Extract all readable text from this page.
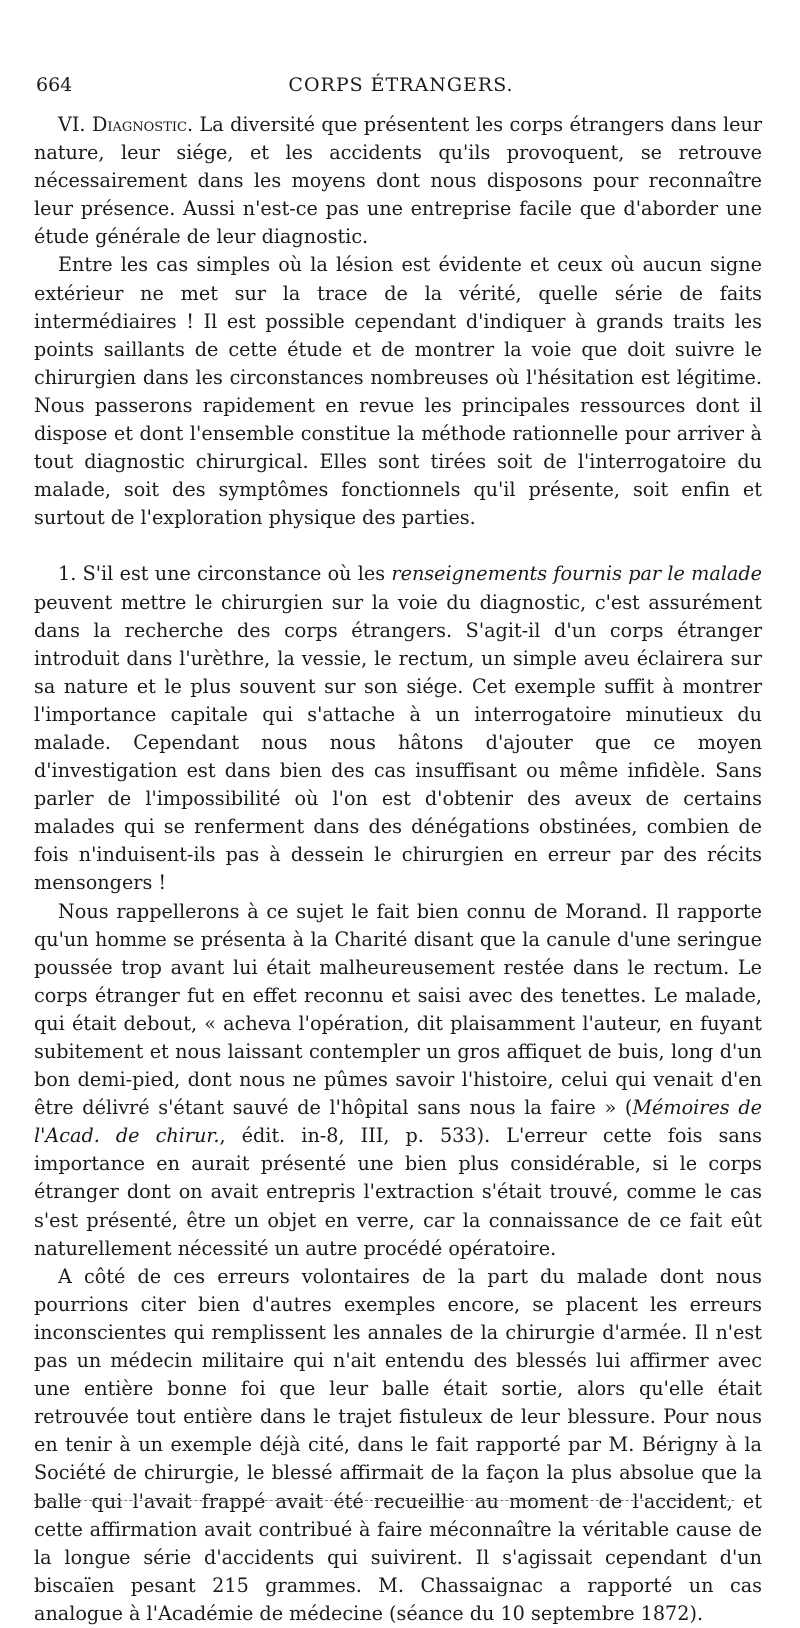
664	CORPS ÉTRANGERS.

VI. Diagnostic. La diversité que présentent les corps étrangers dans leur nature, leur siége, et les accidents qu'ils provoquent, se retrouve nécessairement dans les moyens dont nous disposons pour reconnaître leur présence. Aussi n'est-ce pas une entreprise facile que d'aborder une étude générale de leur diagnostic.

Entre les cas simples où la lésion est évidente et ceux où aucun signe extérieur ne met sur la trace de la vérité, quelle série de faits intermédiaires ! Il est possible cependant d'indiquer à grands traits les points saillants de cette étude et de montrer la voie que doit suivre le chirurgien dans les circonstances nombreuses où l'hésitation est légitime. Nous passerons rapidement en revue les principales ressources dont il dispose et dont l'ensemble constitue la méthode rationnelle pour arriver à tout diagnostic chirurgical. Elles sont tirées soit de l'interrogatoire du malade, soit des symptômes fonctionnels qu'il présente, soit enfin et surtout de l'exploration physique des parties.

1. S'il est une circonstance où les renseignements fournis par le malade peuvent mettre le chirurgien sur la voie du diagnostic, c'est assurément dans la recherche des corps étrangers. S'agit-il d'un corps étranger introduit dans l'urèthre, la vessie, le rectum, un simple aveu éclairera sur sa nature et le plus souvent sur son siége. Cet exemple suffit à montrer l'importance capitale qui s'attache à un interrogatoire minutieux du malade. Cependant nous nous hâtons d'ajouter que ce moyen d'investigation est dans bien des cas insuffisant ou même infidèle. Sans parler de l'impossibilité où l'on est d'obtenir des aveux de certains malades qui se renferment dans des dénégations obstinées, combien de fois n'induisent-ils pas à dessein le chirurgien en erreur par des récits mensongers !

Nous rappellerons à ce sujet le fait bien connu de Morand. Il rapporte qu'un homme se présenta à la Charité disant que la canule d'une seringue poussée trop avant lui était malheureusement restée dans le rectum. Le corps étranger fut en effet reconnu et saisi avec des tenettes. Le malade, qui était debout, « acheva l'opération, dit plaisamment l'auteur, en fuyant subitement et nous laissant contempler un gros affiquet de buis, long d'un bon demi-pied, dont nous ne pûmes savoir l'histoire, celui qui venait d'en être délivré s'étant sauvé de l'hôpital sans nous la faire » (Mémoires de l'Acad. de chirur., édit. in-8, III, p. 533). L'erreur cette fois sans importance en aurait présenté une bien plus considérable, si le corps étranger dont on avait entrepris l'extraction s'était trouvé, comme le cas s'est présenté, être un objet en verre, car la connaissance de ce fait eût naturellement nécessité un autre procédé opératoire.

A côté de ces erreurs volontaires de la part du malade dont nous pourrions citer bien d'autres exemples encore, se placent les erreurs inconscientes qui remplissent les annales de la chirurgie d'armée. Il n'est pas un médecin militaire qui n'ait entendu des blessés lui affirmer avec une entière bonne foi que leur balle était sortie, alors qu'elle était retrouvée tout entière dans le trajet fistuleux de leur blessure. Pour nous en tenir à un exemple déjà cité, dans le fait rapporté par M. Bérigny à la Société de chirurgie, le blessé affirmait de la façon la plus absolue que la balle qui l'avait frappé avait été recueillie au moment de l'accident, et cette affirmation avait contribué à faire méconnaître la véritable cause de la longue série d'accidents qui suivirent. Il s'agissait cependant d'un biscaïen pesant 215 grammes. M. Chassaignac a rapporté un cas analogue à l'Académie de médecine (séance du 10 septembre 1872).
